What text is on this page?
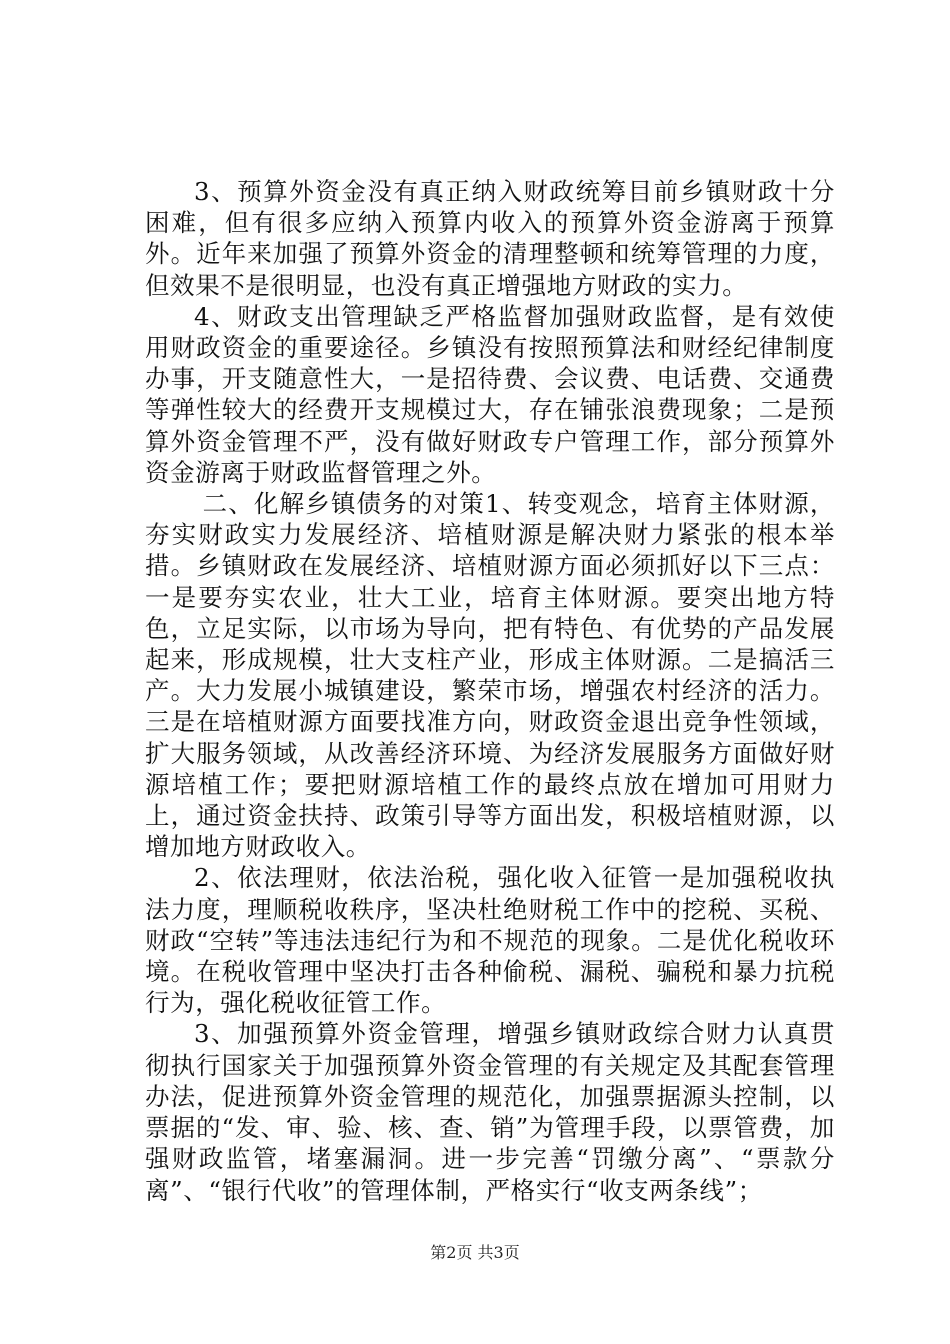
3、预算外资金没有真正纳入财政统筹目前乡镇财政十分困难，但有很多应纳入预算内收入的预算外资金游离于预算外。近年来加强了预算外资金的清理整顿和统筹管理的力度，但效果不是很明显，也没有真正增强地方财政的实力。

4、财政支出管理缺乏严格监督加强财政监督，是有效使用财政资金的重要途径。乡镇没有按照预算法和财经纪律制度办事，开支随意性大，一是招待费、会议费、电话费、交通费等弹性较大的经费开支规模过大，存在铺张浪费现象；二是预算外资金管理不严，没有做好财政专户管理工作，部分预算外资金游离于财政监督管理之外。

二、化解乡镇债务的对策1、转变观念，培育主体财源，夯实财政实力发展经济、培植财源是解决财力紧张的根本举措。乡镇财政在发展经济、培植财源方面必须抓好以下三点：一是要夯实农业，壮大工业，培育主体财源。要突出地方特色，立足实际，以市场为导向，把有特色、有优势的产品发展起来，形成规模，壮大支柱产业，形成主体财源。二是搞活三产。大力发展小城镇建设，繁荣市场，增强农村经济的活力。三是在培植财源方面要找准方向，财政资金退出竞争性领域，扩大服务领域，从改善经济环境、为经济发展服务方面做好财源培植工作；要把财源培植工作的最终点放在增加可用财力上，通过资金扶持、政策引导等方面出发，积极培植财源，以增加地方财政收入。

2、依法理财，依法治税，强化收入征管一是加强税收执法力度，理顺税收秩序，坚决杜绝财税工作中的挖税、买税、财政“空转”等违法违纪行为和不规范的现象。二是优化税收环境。在税收管理中坚决打击各种偷税、漏税、骗税和暴力抗税行为，强化税收征管工作。

3、加强预算外资金管理，增强乡镇财政综合财力认真贯彻执行国家关于加强预算外资金管理的有关规定及其配套管理办法，促进预算外资金管理的规范化，加强票据源头控制，以票据的“发、审、验、核、查、销”为管理手段，以票管费，加强财政监管，堵塞漏洞。进一步完善“罚缴分离”、“票款分离”、“银行代收”的管理体制，严格实行“收支两条线”；

第2页 共3页
